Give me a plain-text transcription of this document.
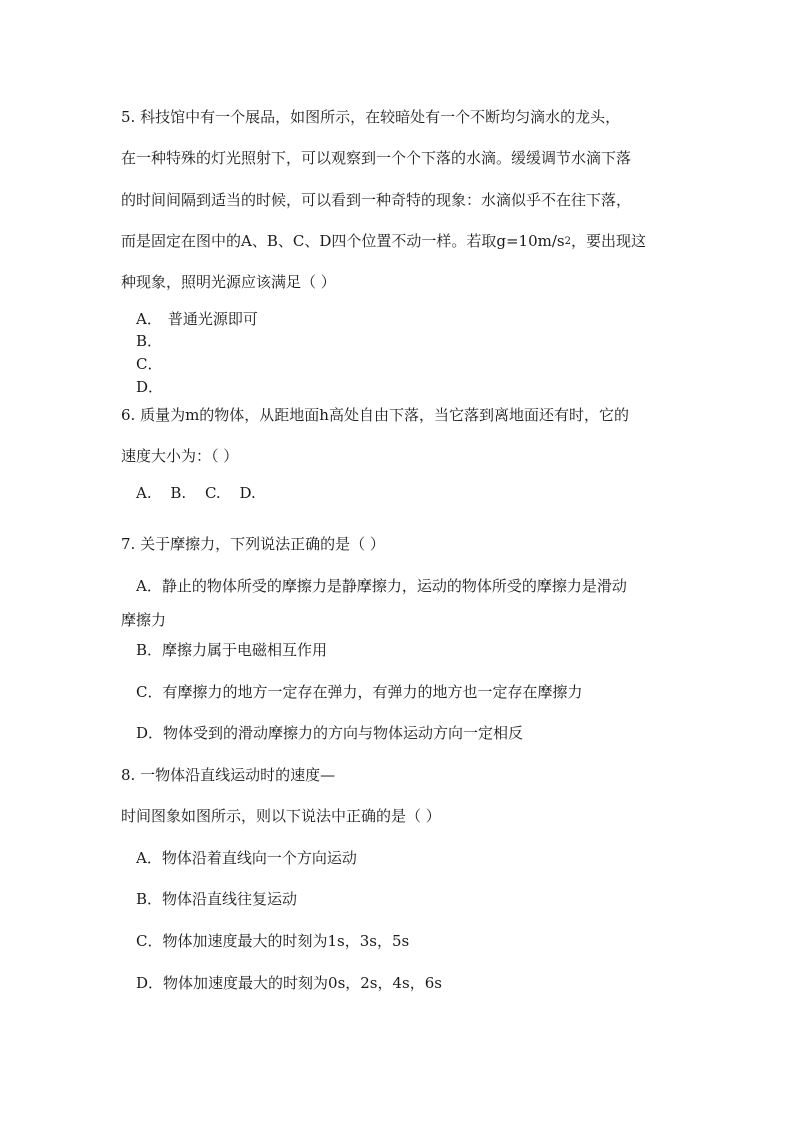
5. 科技馆中有一个展品，如图所示，在较暗处有一个不断均匀滴水的龙头，
在一种特殊的灯光照射下，可以观察到一个个下落的水滴。缓缓调节水滴下落
的时间间隔到适当的时候，可以看到一种奇特的现象：水滴似乎不在往下落，
而是固定在图中的A、B、C、D四个位置不动一样。若取$g=10m/s^2$，要出现这
种现象，照明光源应该满足（ ）
A． 普通光源即可
B．
C．
D．
6. 质量为m的物体，从距地面h高处自由下落，当它落到离地面还有时，它的
速度大小为：（ ）
A. B. C. D.
7. 关于摩擦力，下列说法正确的是（ ）
A．静止的物体所受的摩擦力是静摩擦力，运动的物体所受的摩擦力是滑动
摩擦力
B．摩擦力属于电磁相互作用
C．有摩擦力的地方一定存在弹力，有弹力的地方也一定存在摩擦力
D．物体受到的滑动摩擦力的方向与物体运动方向一定相反
8. 一物体沿直线运动时的速度—
时间图象如图所示，则以下说法中正确的是（ ）
A．物体沿着直线向一个方向运动
B．物体沿直线往复运动
C．物体加速度最大的时刻为1s，3s，5s
D．物体加速度最大的时刻为0s，2s，4s，6s
